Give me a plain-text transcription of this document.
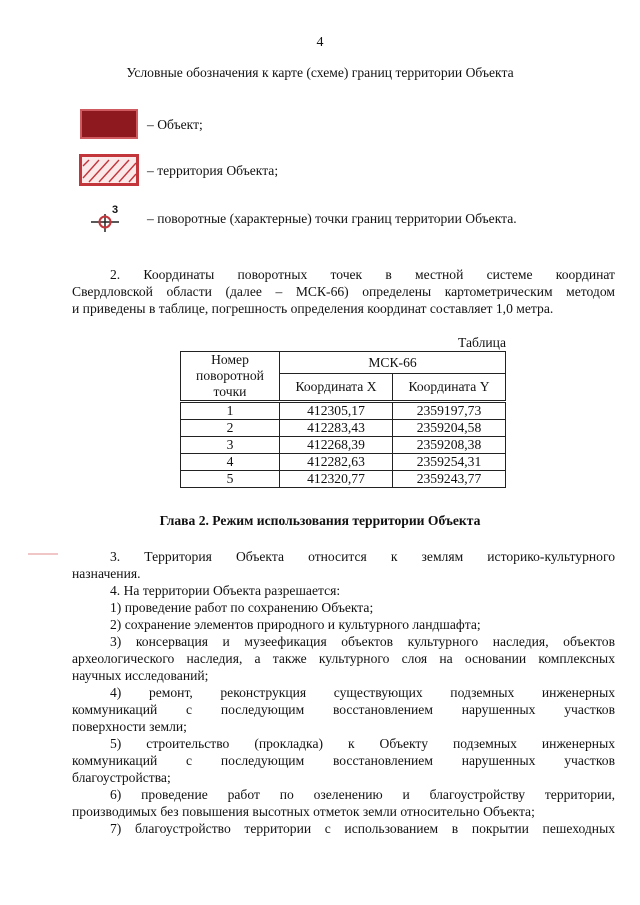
4
Условные обозначения к карте (схеме) границ территории Объекта
– Объект;
– территория Объекта;
3
– поворотные (характерные) точки границ территории Объекта.
2. Координаты поворотных точек в местной системе координат
Свердловской области (далее – МСК-66) определены картометрическим методом
и приведены в таблице, погрешность определения координат составляет 1,0 метра.
Таблица
Номер поворотной точки	МСК-66	
	Координата X	Координата Y
1	412305,17	2359197,73
2	412283,43	2359204,58
3	412268,39	2359208,38
4	412282,63	2359254,31
5	412320,77	2359243,77
Глава 2. Режим использования территории Объекта
3. Территория Объекта относится к землям историко-культурного
назначения.
4. На территории Объекта разрешается:
1) проведение работ по сохранению Объекта;
2) сохранение элементов природного и культурного ландшафта;
3) консервация и музеефикация объектов культурного наследия, объектов
археологического наследия, а также культурного слоя на основании комплексных
научных исследований;
4) ремонт, реконструкция существующих подземных инженерных
коммуникаций с последующим восстановлением нарушенных участков
поверхности земли;
5) строительство (прокладка) к Объекту подземных инженерных
коммуникаций с последующим восстановлением нарушенных участков
благоустройства;
6) проведение работ по озеленению и благоустройству территории,
производимых без повышения высотных отметок земли относительно Объекта;
7) благоустройство территории с использованием в покрытии пешеходных
